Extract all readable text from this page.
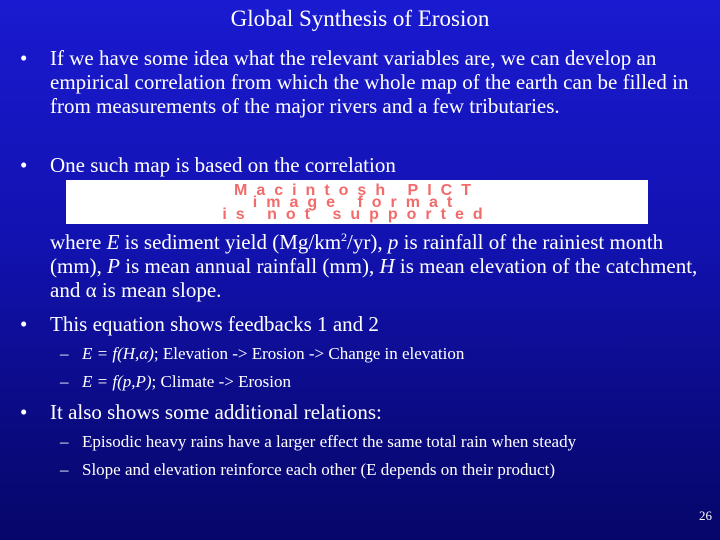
Global Synthesis of Erosion
• If we have some idea what the relevant variables are, we can develop an empirical correlation from which the whole map of the earth can be filled in from measurements of the major rivers and a few tributaries.
• One such map is based on the correlation
Macintosh PICT
image format
is not supported
where E is sediment yield $(Mg/km^2/yr)$, p is rainfall of the rainiest month (mm), P is mean annual rainfall (mm), H is mean elevation of the catchment, and α is mean slope.
• This equation shows feedbacks 1 and 2
– E = f(H,α); Elevation -> Erosion -> Change in elevation
– E = f(p,P); Climate -> Erosion
• It also shows some additional relations:
– Episodic heavy rains have a larger effect the same total rain when steady
– Slope and elevation reinforce each other (E depends on their product)
26
